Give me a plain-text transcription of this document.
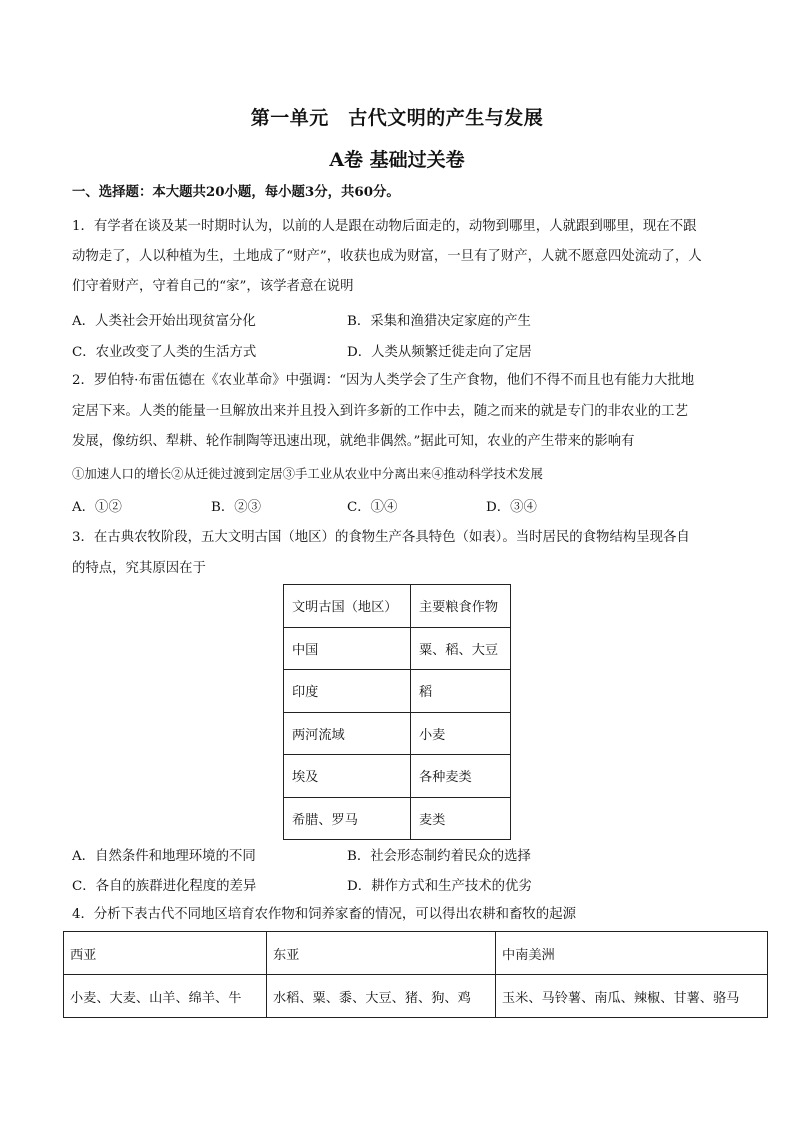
第一单元　古代文明的产生与发展
A卷 基础过关卷
一、选择题：本大题共20小题，每小题3分，共60分。
1．有学者在谈及某一时期时认为，以前的人是跟在动物后面走的，动物到哪里，人就跟到哪里，现在不跟
动物走了，人以种植为生，土地成了“财产”，收获也成为财富，一旦有了财产，人就不愿意四处流动了，人
们守着财产，守着自己的“家”，该学者意在说明
A．人类社会开始出现贫富分化	B．采集和渔猎决定家庭的产生
C．农业改变了人类的生活方式	D．人类从频繁迁徙走向了定居
2．罗伯特·布雷伍德在《农业革命》中强调：“因为人类学会了生产食物，他们不得不而且也有能力大批地
定居下来。人类的能量一旦解放出来并且投入到许多新的工作中去，随之而来的就是专门的非农业的工艺
发展，像纺织、犁耕、轮作制陶等迅速出现，就绝非偶然。”据此可知，农业的产生带来的影响有
①加速人口的增长②从迁徙过渡到定居③手工业从农业中分离出来④推动科学技术发展
A．①②	B．②③	C．①④	D．③④
3．在古典农牧阶段，五大文明古国（地区）的食物生产各具特色（如表）。当时居民的食物结构呈现各自
的特点，究其原因在于
文明古国（地区）	主要粮食作物
中国	粟、稻、大豆
印度	稻
两河流域	小麦
埃及	各种麦类
希腊、罗马	麦类
A．自然条件和地理环境的不同	B．社会形态制约着民众的选择
C．各自的族群进化程度的差异	D．耕作方式和生产技术的优劣
4．分析下表古代不同地区培育农作物和饲养家畜的情况，可以得出农耕和畜牧的起源
西亚	东亚	中南美洲
小麦、大麦、山羊、绵羊、牛	水稻、粟、黍、大豆、猪、狗、鸡	玉米、马铃薯、南瓜、辣椒、甘薯、骆马
